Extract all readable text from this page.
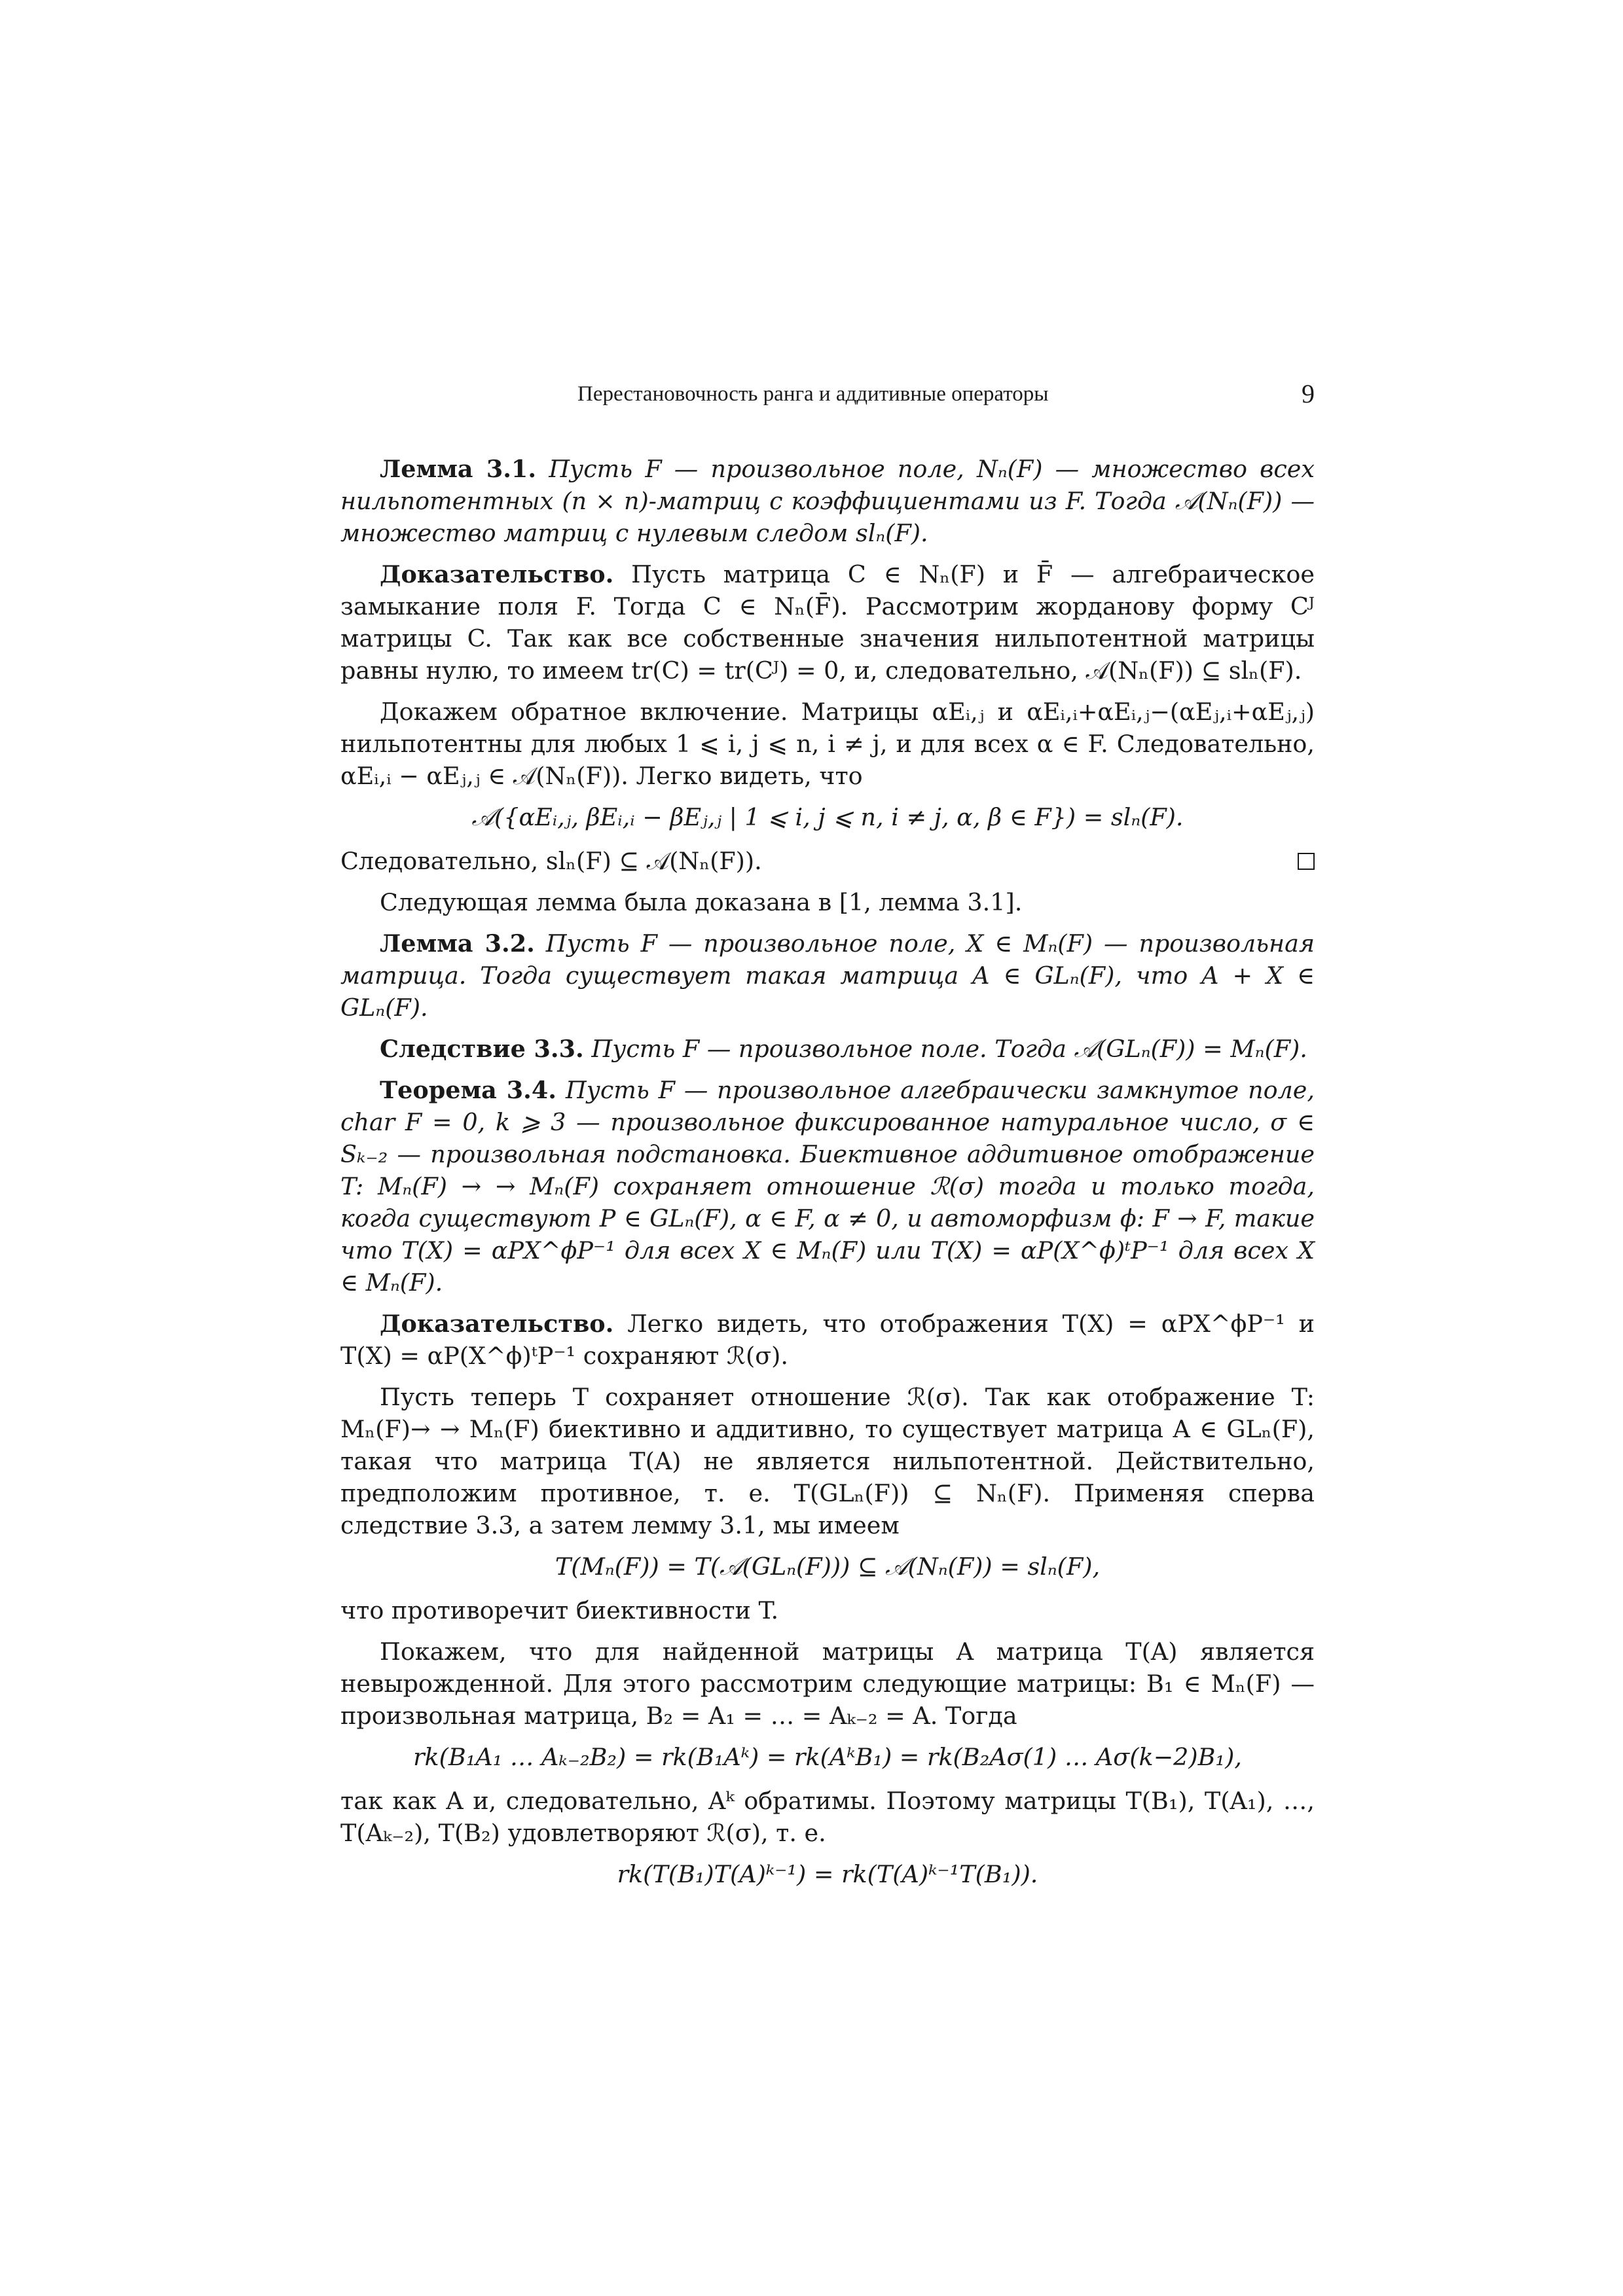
Перестановочность ранга и аддитивные операторы	9

Лемма 3.1. Пусть F — произвольное поле, Nₙ(F) — множество всех нильпотентных (n × n)-матриц с коэффициентами из F. Тогда 𝒜(Nₙ(F)) — множество матриц с нулевым следом slₙ(F).

Доказательство. Пусть матрица C ∈ Nₙ(F) и F̄ — алгебраическое замыкание поля F. Тогда C ∈ Nₙ(F̄). Рассмотрим жорданову форму Cᴶ матрицы C. Так как все собственные значения нильпотентной матрицы равны нулю, то имеем tr(C) = tr(Cᴶ) = 0, и, следовательно, 𝒜(Nₙ(F)) ⊆ slₙ(F).

Докажем обратное включение. Матрицы αEᵢ,ⱼ и αEᵢ,ᵢ+αEᵢ,ⱼ−(αEⱼ,ᵢ+αEⱼ,ⱼ) нильпотентны для любых 1 ⩽ i, j ⩽ n, i ≠ j, и для всех α ∈ F. Следовательно, αEᵢ,ᵢ − αEⱼ,ⱼ ∈ 𝒜(Nₙ(F)). Легко видеть, что

𝒜({αEᵢ,ⱼ, βEᵢ,ᵢ − βEⱼ,ⱼ | 1 ⩽ i, j ⩽ n, i ≠ j, α, β ∈ F}) = slₙ(F).
Следовательно, slₙ(F) ⊆ 𝒜(Nₙ(F)).

Следующая лемма была доказана в [1, лемма 3.1].

Лемма 3.2. Пусть F — произвольное поле, X ∈ Mₙ(F) — произвольная матрица. Тогда существует такая матрица A ∈ GLₙ(F), что A + X ∈ GLₙ(F).

Следствие 3.3. Пусть F — произвольное поле. Тогда 𝒜(GLₙ(F)) = Mₙ(F).

Теорема 3.4. Пусть F — произвольное алгебраически замкнутое поле, char F = 0, k ⩾ 3 — произвольное фиксированное натуральное число, σ ∈ Sₖ₋₂ — произвольная подстановка. Биективное аддитивное отображение T: Mₙ(F) → → Mₙ(F) сохраняет отношение ℛ(σ) тогда и только тогда, когда существуют P ∈ GLₙ(F), α ∈ F, α ≠ 0, и автоморфизм ϕ: F → F, такие что T(X) = αPX^ϕP⁻¹ для всех X ∈ Mₙ(F) или T(X) = αP(X^ϕ)ᵗP⁻¹ для всех X ∈ Mₙ(F).

Доказательство. Легко видеть, что отображения T(X) = αPX^ϕP⁻¹ и T(X) = αP(X^ϕ)ᵗP⁻¹ сохраняют ℛ(σ).

Пусть теперь T сохраняет отношение ℛ(σ). Так как отображение T: Mₙ(F)→ → Mₙ(F) биективно и аддитивно, то существует матрица A ∈ GLₙ(F), такая что матрица T(A) не является нильпотентной. Действительно, предположим противное, т. е. T(GLₙ(F)) ⊆ Nₙ(F). Применяя сперва следствие 3.3, а затем лемму 3.1, мы имеем

T(Mₙ(F)) = T(𝒜(GLₙ(F))) ⊆ 𝒜(Nₙ(F)) = slₙ(F),

что противоречит биективности T.

Покажем, что для найденной матрицы A матрица T(A) является невырожденной. Для этого рассмотрим следующие матрицы: B₁ ∈ Mₙ(F) — произвольная матрица, B₂ = A₁ = … = Aₖ₋₂ = A. Тогда

rk(B₁A₁ … Aₖ₋₂B₂) = rk(B₁Aᵏ) = rk(AᵏB₁) = rk(B₂Aσ(1) … Aσ(k−2)B₁),

так как A и, следовательно, Aᵏ обратимы. Поэтому матрицы T(B₁), T(A₁), …, T(Aₖ₋₂), T(B₂) удовлетворяют ℛ(σ), т. е.

rk(T(B₁)T(A)ᵏ⁻¹) = rk(T(A)ᵏ⁻¹T(B₁)).
